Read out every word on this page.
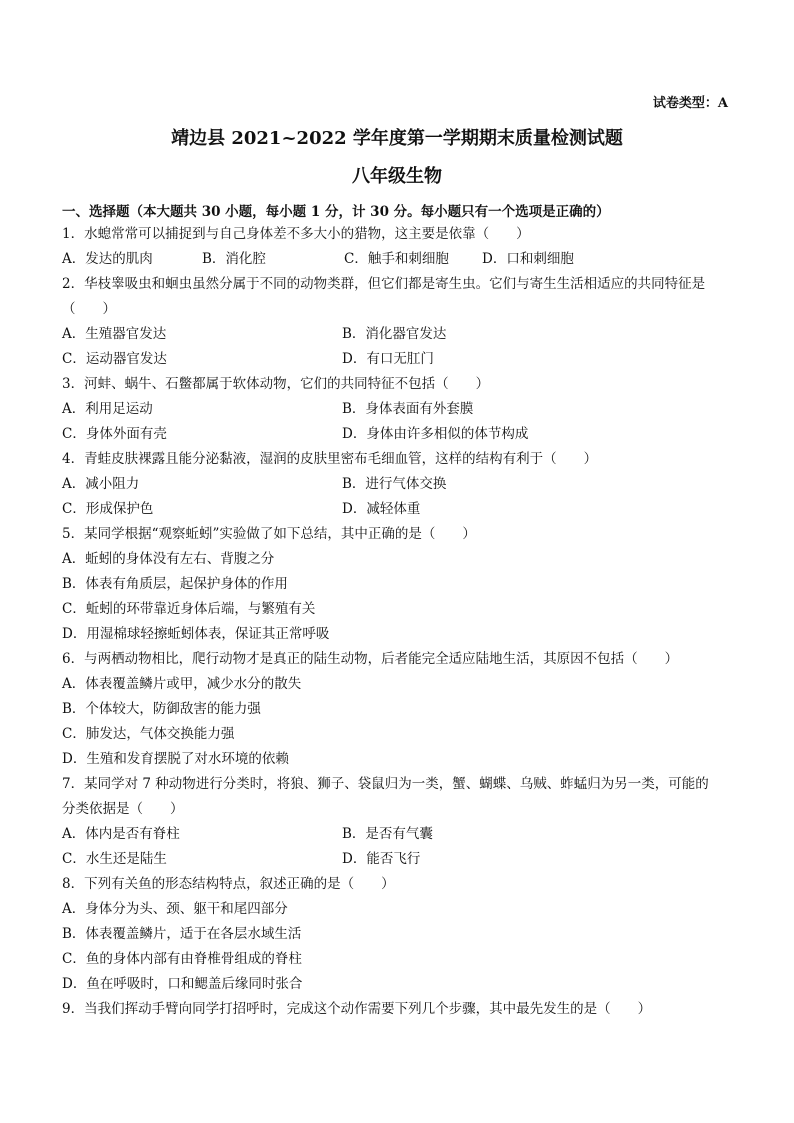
试卷类型：A
靖边县 2021~2022 学年度第一学期期末质量检测试题
八年级生物
一、选择题（本大题共 30 小题，每小题 1 分，计 30 分。每小题只有一个选项是正确的）
1．水螅常常可以捕捉到与自己身体差不多大小的猎物，这主要是依靠（　　）
A．发达的肌肉	B．消化腔	C．触手和刺细胞 D．口和刺细胞
2．华枝睾吸虫和蛔虫虽然分属于不同的动物类群，但它们都是寄生虫。它们与寄生生活相适应的共同特征是
（　　）
A．生殖器官发达	B．消化器官发达
C．运动器官发达	D．有口无肛门
3．河蚌、蜗牛、石鳖都属于软体动物，它们的共同特征不包括（　　）
A．利用足运动	B．身体表面有外套膜
C．身体外面有壳	D．身体由许多相似的体节构成
4．青蛙皮肤裸露且能分泌黏液，湿润的皮肤里密布毛细血管，这样的结构有利于（　　）
A．减小阻力	B．进行气体交换
C．形成保护色	D．减轻体重
5．某同学根据“观察蚯蚓”实验做了如下总结，其中正确的是（　　）
A．蚯蚓的身体没有左右、背腹之分
B．体表有角质层，起保护身体的作用
C．蚯蚓的环带靠近身体后端，与繁殖有关
D．用湿棉球轻擦蚯蚓体表，保证其正常呼吸
6．与两栖动物相比，爬行动物才是真正的陆生动物，后者能完全适应陆地生活，其原因不包括（　　）
A．体表覆盖鳞片或甲，减少水分的散失
B．个体较大，防御敌害的能力强
C．肺发达，气体交换能力强
D．生殖和发育摆脱了对水环境的依赖
7．某同学对 7 种动物进行分类时，将狼、狮子、袋鼠归为一类，蟹、蝴蝶、乌贼、蚱蜢归为另一类，可能的
分类依据是（　　）
A．体内是否有脊柱	B．是否有气囊
C．水生还是陆生	D．能否飞行
8．下列有关鱼的形态结构特点，叙述正确的是（　　）
A．身体分为头、颈、躯干和尾四部分
B．体表覆盖鳞片，适于在各层水域生活
C．鱼的身体内部有由脊椎骨组成的脊柱
D．鱼在呼吸时，口和鳃盖后缘同时张合
9．当我们挥动手臂向同学打招呼时，完成这个动作需要下列几个步骤，其中最先发生的是（　　）
